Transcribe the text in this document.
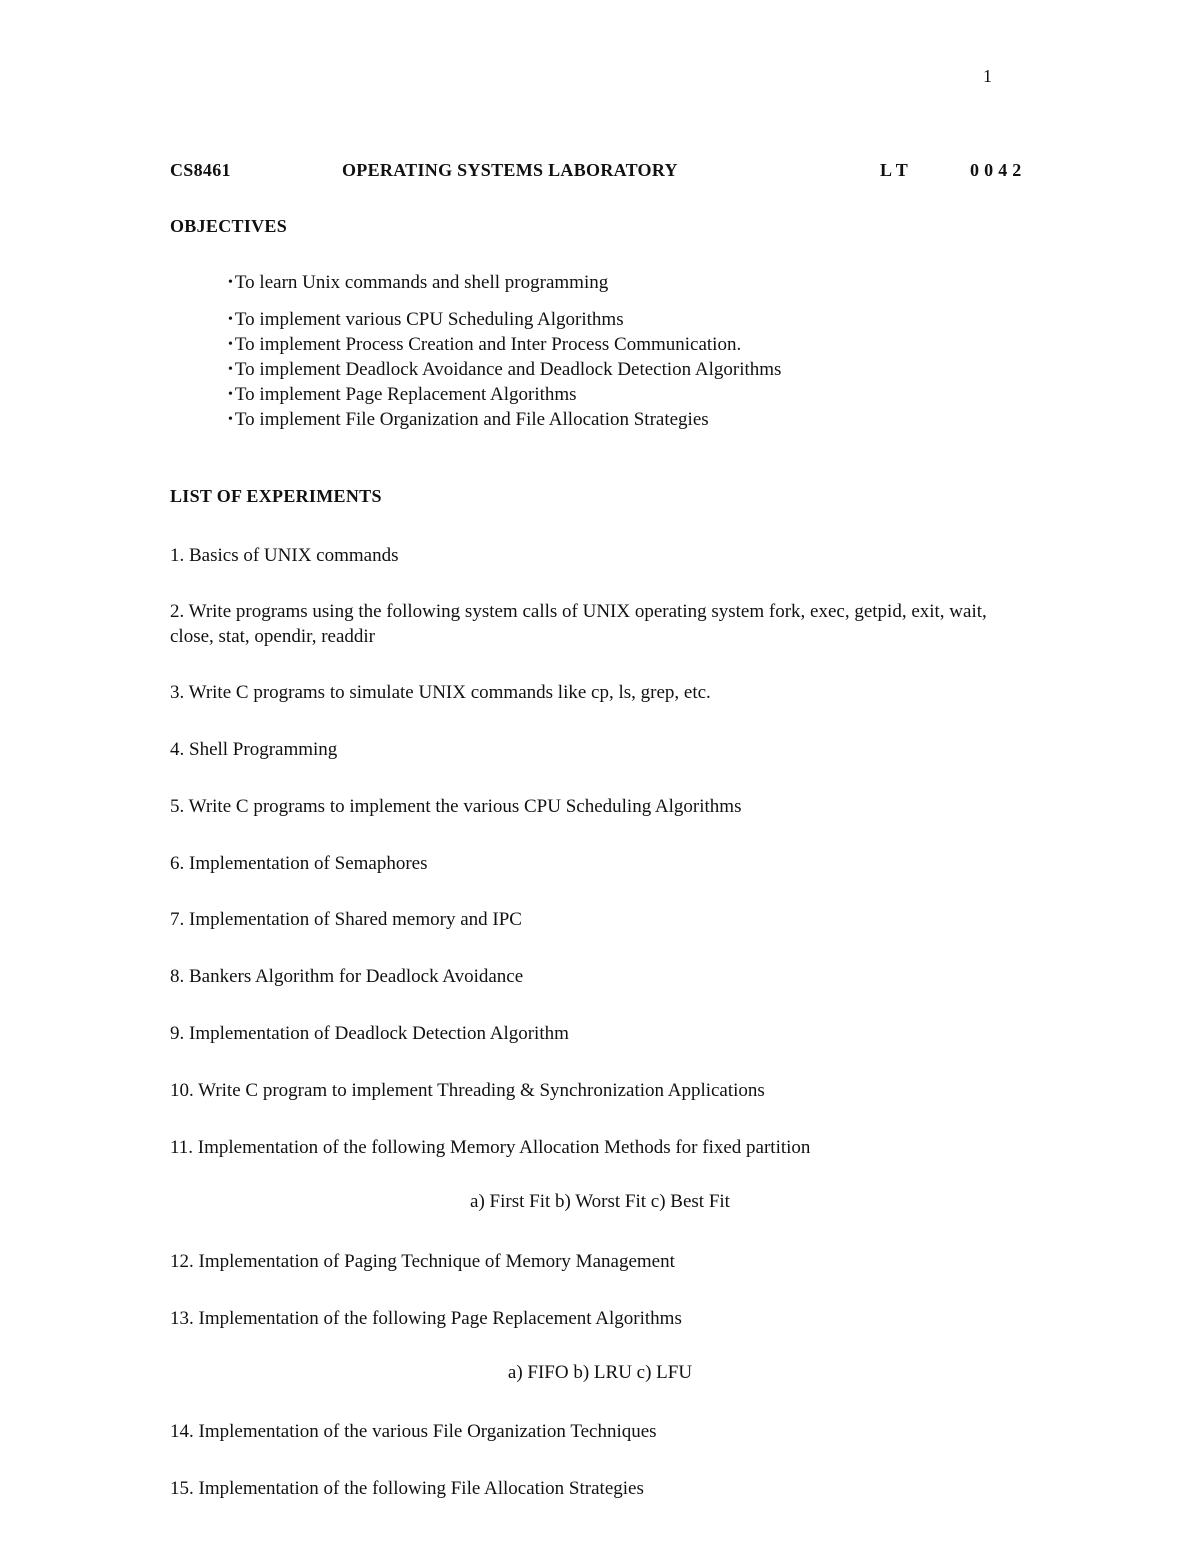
1
CS8461	OPERATING SYSTEMS LABORATORY	L T	0 0 4 2
OBJECTIVES
• To learn Unix commands and shell programming
• To implement various CPU Scheduling Algorithms
• To implement Process Creation and Inter Process Communication.
• To implement Deadlock Avoidance and Deadlock Detection Algorithms
• To implement Page Replacement Algorithms
• To implement File Organization and File Allocation Strategies
LIST OF EXPERIMENTS
1. Basics of UNIX commands
2. Write programs using the following system calls of UNIX operating system fork, exec, getpid, exit, wait, close, stat, opendir, readdir
3. Write C programs to simulate UNIX commands like cp, ls, grep, etc.
4. Shell Programming
5. Write C programs to implement the various CPU Scheduling Algorithms
6. Implementation of Semaphores
7. Implementation of Shared memory and IPC
8. Bankers Algorithm for Deadlock Avoidance
9. Implementation of Deadlock Detection Algorithm
10. Write C program to implement Threading & Synchronization Applications
11. Implementation of the following Memory Allocation Methods for fixed partition
a) First Fit b) Worst Fit c) Best Fit
12. Implementation of Paging Technique of Memory Management
13. Implementation of the following Page Replacement Algorithms
a) FIFO b) LRU c) LFU
14. Implementation of the various File Organization Techniques
15. Implementation of the following File Allocation Strategies
